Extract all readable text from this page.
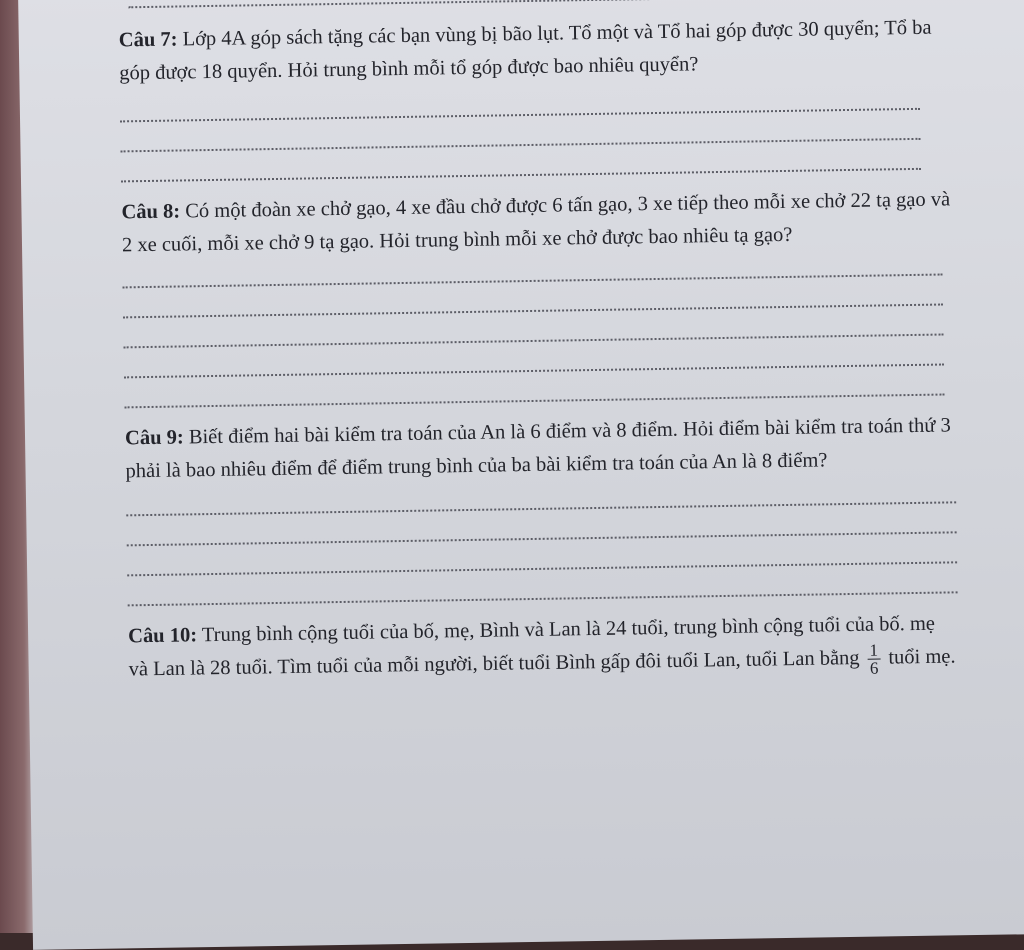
Câu 7: Lớp 4A góp sách tặng các bạn vùng bị bão lụt. Tổ một và Tổ hai góp được 30 quyển; Tổ ba góp được 18 quyển. Hỏi trung bình mỗi tổ góp được bao nhiêu quyển?

Câu 8: Có một đoàn xe chở gạo, 4 xe đầu chở được 6 tấn gạo, 3 xe tiếp theo mỗi xe chở 22 tạ gạo và 2 xe cuối, mỗi xe chở 9 tạ gạo. Hỏi trung bình mỗi xe chở được bao nhiêu tạ gạo?

Câu 9: Biết điểm hai bài kiểm tra toán của An là 6 điểm và 8 điểm. Hỏi điểm bài kiểm tra toán thứ 3 phải là bao nhiêu điểm để điểm trung bình của ba bài kiểm tra toán của An là 8 điểm?

Câu 10: Trung bình cộng tuổi của bố, mẹ, Bình và Lan là 24 tuổi, trung bình cộng tuổi của bố. mẹ và Lan là 28 tuổi. Tìm tuổi của mỗi người, biết tuổi Bình gấp đôi tuổi Lan, tuổi Lan bằng $\frac{1}{6}$ tuổi mẹ.
